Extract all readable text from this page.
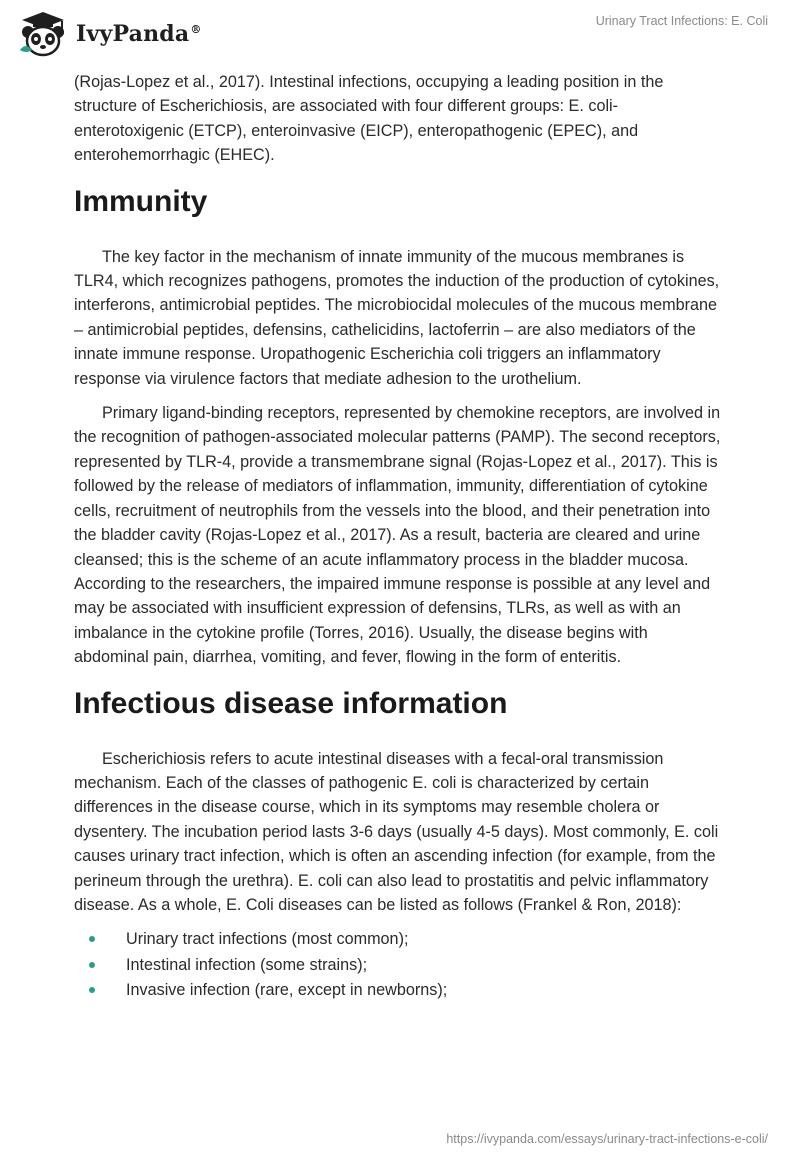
IvyPanda®
Urinary Tract Infections: E. Coli

(Rojas-Lopez et al., 2017). Intestinal infections, occupying a leading position in the structure of Escherichiosis, are associated with four different groups: E. coli-enterotoxigenic (ETCP), enteroinvasive (EICP), enteropathogenic (EPEC), and enterohemorrhagic (EHEC).

Immunity

The key factor in the mechanism of innate immunity of the mucous membranes is TLR4, which recognizes pathogens, promotes the induction of the production of cytokines, interferons, antimicrobial peptides. The microbiocidal molecules of the mucous membrane – antimicrobial peptides, defensins, cathelicidins, lactoferrin – are also mediators of the innate immune response. Uropathogenic Escherichia coli triggers an inflammatory response via virulence factors that mediate adhesion to the urothelium.

Primary ligand-binding receptors, represented by chemokine receptors, are involved in the recognition of pathogen-associated molecular patterns (PAMP). The second receptors, represented by TLR-4, provide a transmembrane signal (Rojas-Lopez et al., 2017). This is followed by the release of mediators of inflammation, immunity, differentiation of cytokine cells, recruitment of neutrophils from the vessels into the blood, and their penetration into the bladder cavity (Rojas-Lopez et al., 2017). As a result, bacteria are cleared and urine cleansed; this is the scheme of an acute inflammatory process in the bladder mucosa. According to the researchers, the impaired immune response is possible at any level and may be associated with insufficient expression of defensins, TLRs, as well as with an imbalance in the cytokine profile (Torres, 2016). Usually, the disease begins with abdominal pain, diarrhea, vomiting, and fever, flowing in the form of enteritis.

Infectious disease information

Escherichiosis refers to acute intestinal diseases with a fecal-oral transmission mechanism. Each of the classes of pathogenic E. coli is characterized by certain differences in the disease course, which in its symptoms may resemble cholera or dysentery. The incubation period lasts 3-6 days (usually 4-5 days). Most commonly, E. coli causes urinary tract infection, which is often an ascending infection (for example, from the perineum through the urethra). E. coli can also lead to prostatitis and pelvic inflammatory disease. As a whole, E. Coli diseases can be listed as follows (Frankel & Ron, 2018):

Urinary tract infections (most common);
Intestinal infection (some strains);
Invasive infection (rare, except in newborns);
https://ivypanda.com/essays/urinary-tract-infections-e-coli/
